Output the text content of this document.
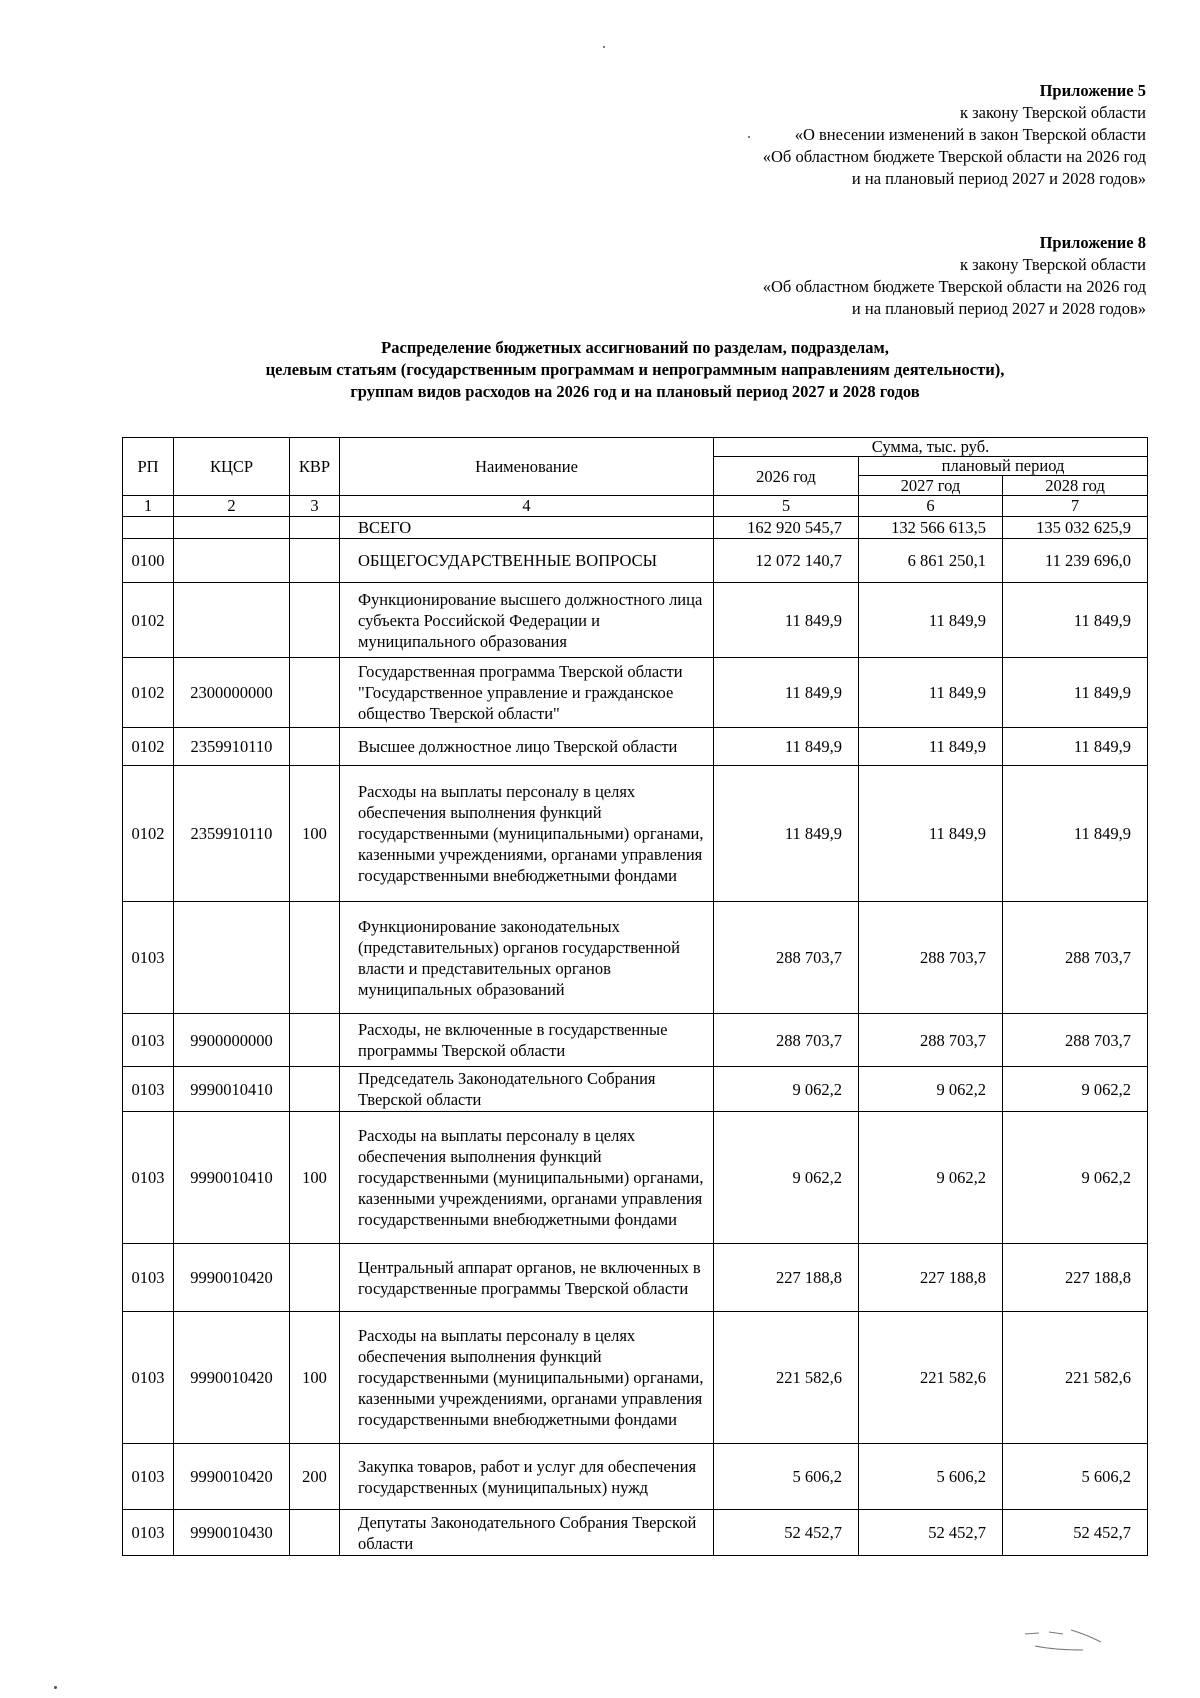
Приложение 5
к закону Тверской области
«О внесении изменений в закон Тверской области
«Об областном бюджете Тверской области на 2026 год
и на плановый период 2027 и 2028 годов»
Приложение 8
к закону Тверской области
«Об областном бюджете Тверской области на 2026 год
и на плановый период 2027 и 2028 годов»
Распределение бюджетных ассигнований по разделам, подразделам,
целевым статьям (государственным программам и непрограммным направлениям деятельности),
группам видов расходов на 2026 год и на плановый период 2027 и 2028 годов
РП	КЦСР	КВР	Наименование	Сумма, тыс. руб.		
				2026 год	плановый период	
					2027 год	2028 год
1	2	3	4	5	6	7
			ВСЕГО	162 920 545,7	132 566 613,5	135 032 625,9
0100			ОБЩЕГОСУДАРСТВЕННЫЕ ВОПРОСЫ	12 072 140,7	6 861 250,1	11 239 696,0
0102			Функционирование высшего должностного лица субъекта Российской Федерации и муниципального образования	11 849,9	11 849,9	11 849,9
0102	2300000000		Государственная программа Тверской области "Государственное управление и гражданское общество Тверской области"	11 849,9	11 849,9	11 849,9
0102	2359910110		Высшее должностное лицо Тверской области	11 849,9	11 849,9	11 849,9
0102	2359910110	100	Расходы на выплаты персоналу в целях обеспечения выполнения функций государственными (муниципальными) органами, казенными учреждениями, органами управления государственными внебюджетными фондами	11 849,9	11 849,9	11 849,9
0103			Функционирование законодательных (представительных) органов государственной власти и представительных органов муниципальных образований	288 703,7	288 703,7	288 703,7
0103	9900000000		Расходы, не включенные в государственные программы Тверской области	288 703,7	288 703,7	288 703,7
0103	9990010410		Председатель Законодательного Собрания Тверской области	9 062,2	9 062,2	9 062,2
0103	9990010410	100	Расходы на выплаты персоналу в целях обеспечения выполнения функций государственными (муниципальными) органами, казенными учреждениями, органами управления государственными внебюджетными фондами	9 062,2	9 062,2	9 062,2
0103	9990010420		Центральный аппарат органов, не включенных в государственные программы Тверской области	227 188,8	227 188,8	227 188,8
0103	9990010420	100	Расходы на выплаты персоналу в целях обеспечения выполнения функций государственными (муниципальными) органами, казенными учреждениями, органами управления государственными внебюджетными фондами	221 582,6	221 582,6	221 582,6
0103	9990010420	200	Закупка товаров, работ и услуг для обеспечения государственных (муниципальных) нужд	5 606,2	5 606,2	5 606,2
0103	9990010430		Депутаты Законодательного Собрания Тверской области	52 452,7	52 452,7	52 452,7
